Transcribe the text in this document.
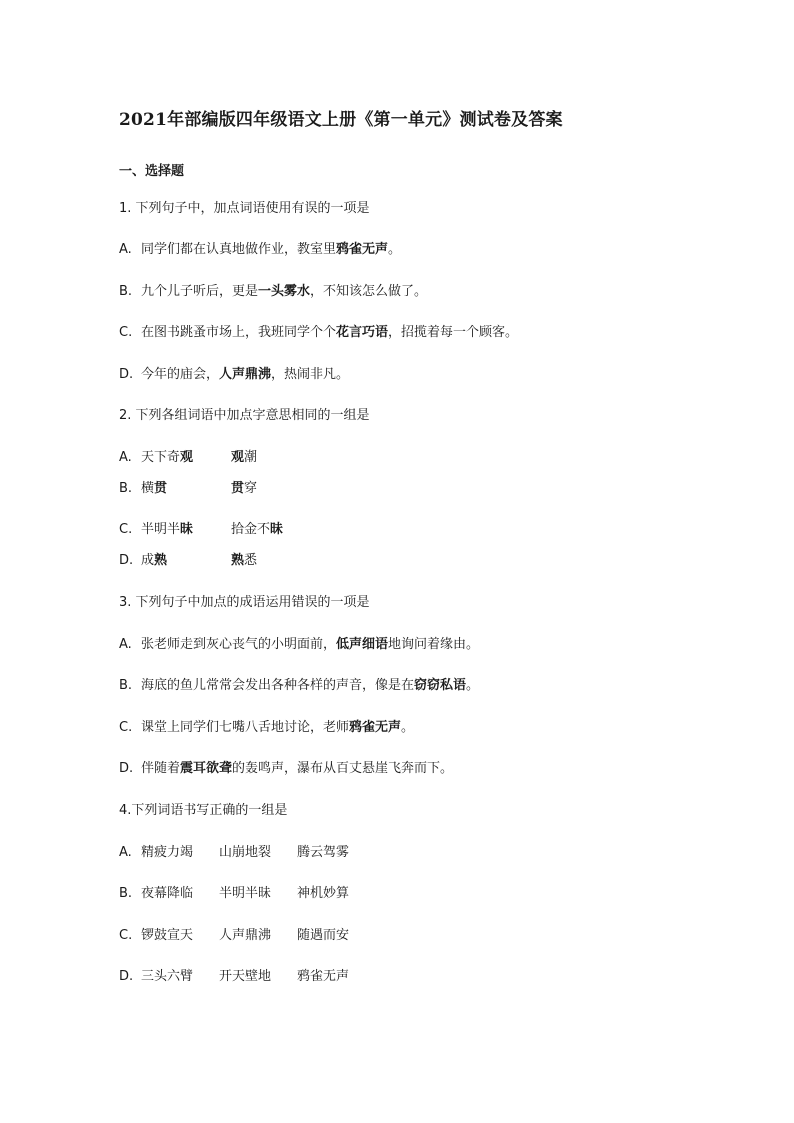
2021年部编版四年级语文上册《第一单元》测试卷及答案
一、选择题
1. 下列句子中，加点词语使用有误的一项是
A. 同学们都在认真地做作业，教室里鸦雀无声。
B. 九个儿子听后，更是一头雾水，不知该怎么做了。
C. 在图书跳蚤市场上，我班同学个个花言巧语，招揽着每一个顾客。
D. 今年的庙会，人声鼎沸，热闹非凡。
2. 下列各组词语中加点字意思相同的一组是
A. 天下奇观	观潮
B. 横贯	贯穿
C. 半明半昧	拾金不昧
D. 成熟	熟悉
3. 下列句子中加点的成语运用错误的一项是
A. 张老师走到灰心丧气的小明面前，低声细语地询问着缘由。
B. 海底的鱼儿常常会发出各种各样的声音，像是在窃窃私语。
C. 课堂上同学们七嘴八舌地讨论，老师鸦雀无声。
D. 伴随着震耳欲聋的轰鸣声，瀑布从百丈悬崖飞奔而下。
4.下列词语书写正确的一组是
A. 精疲力竭 山崩地裂 腾云驾雾
B. 夜幕降临 半明半昧 神机妙算
C. 锣鼓宣天 人声鼎沸 随遇而安
D. 三头六臂 开天壁地 鸦雀无声
